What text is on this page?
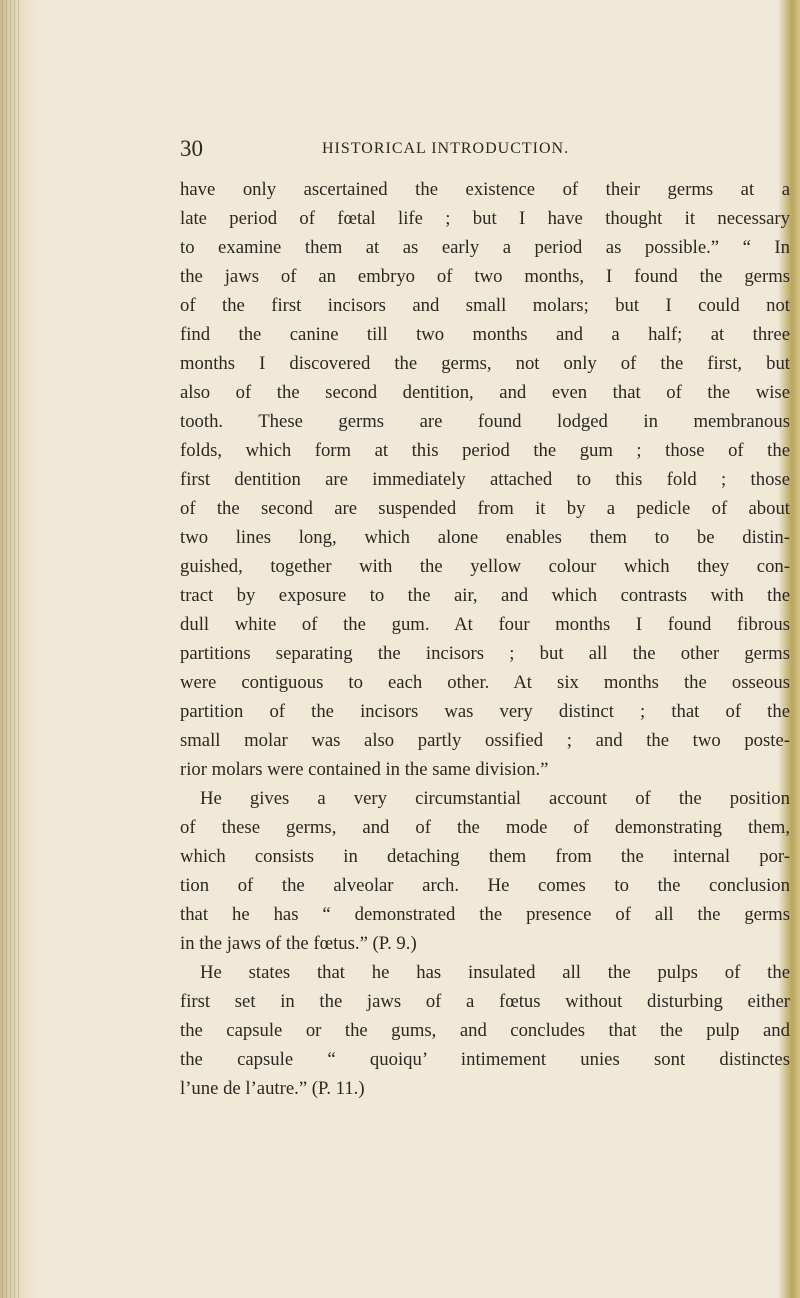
30	HISTORICAL INTRODUCTION.
have only ascertained the existence of their germs at a
late period of fœtal life ; but I have thought it necessary
to examine them at as early a period as possible.” “ In
the jaws of an embryo of two months, I found the germs
of the first incisors and small molars; but I could not
find the canine till two months and a half; at three
months I discovered the germs, not only of the first, but
also of the second dentition, and even that of the wise
tooth. These germs are found lodged in membranous
folds, which form at this period the gum ; those of the
first dentition are immediately attached to this fold ; those
of the second are suspended from it by a pedicle of about
two lines long, which alone enables them to be distin-
guished, together with the yellow colour which they con-
tract by exposure to the air, and which contrasts with the
dull white of the gum. At four months I found fibrous
partitions separating the incisors ; but all the other germs
were contiguous to each other. At six months the osseous
partition of the incisors was very distinct ; that of the
small molar was also partly ossified ; and the two poste-
rior molars were contained in the same division.”
He gives a very circumstantial account of the position
of these germs, and of the mode of demonstrating them,
which consists in detaching them from the internal por-
tion of the alveolar arch. He comes to the conclusion
that he has “ demonstrated the presence of all the germs
in the jaws of the fœtus.” (P. 9.)
He states that he has insulated all the pulps of the
first set in the jaws of a fœtus without disturbing either
the capsule or the gums, and concludes that the pulp and
the capsule “ quoiqu’ intimement unies sont distinctes
l’une de l’autre.” (P. 11.)
